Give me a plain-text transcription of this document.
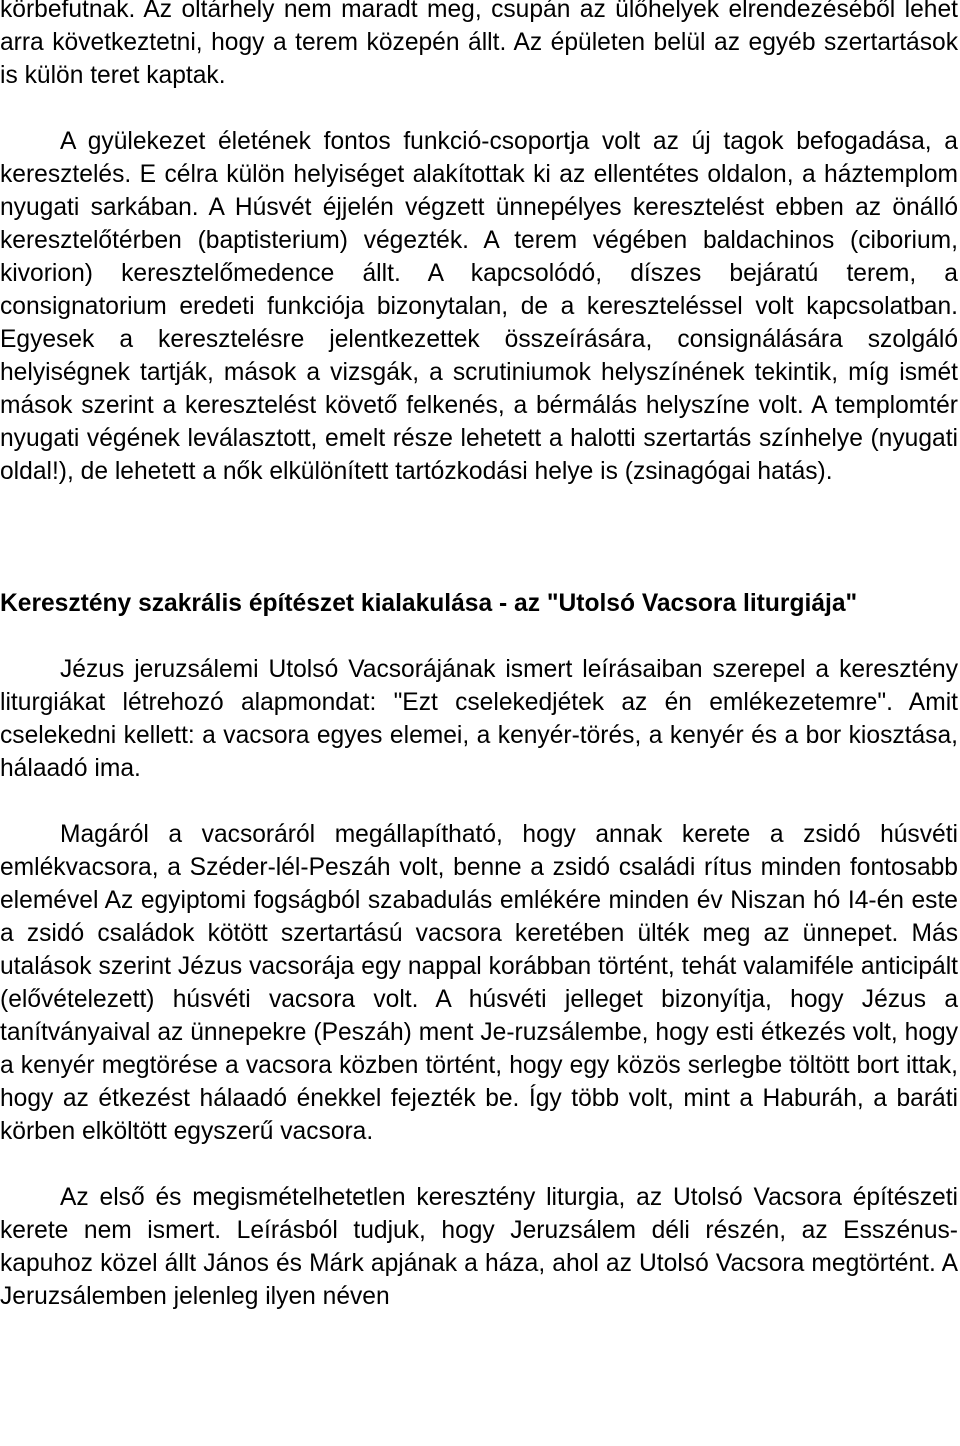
körbefutnak. Az oltárhely nem maradt meg, csupán az ülőhelyek elrendezéséből lehet arra következtetni, hogy a terem közepén állt. Az épületen belül az egyéb szertartások is külön teret kaptak.

A gyülekezet életének fontos funkció-csoportja volt az új tagok befogadása, a keresztelés. E célra külön helyiséget alakítottak ki az ellentétes oldalon, a háztemplom nyugati sarkában. A Húsvét éjjelén végzett ünnepélyes keresztelést ebben az önálló keresztelőtérben (baptisterium) végezték. A terem végében baldachinos (ciborium, kivorion) keresztelőmedence állt. A kapcsolódó, díszes bejáratú terem, a consignatorium eredeti funkciója bizonytalan, de a kereszteléssel volt kapcsolatban. Egyesek a keresztelésre jelentkezettek összeírására, consignálására szolgáló helyiségnek tartják, mások a vizsgák, a scrutiniumok helyszínének tekintik, míg ismét mások szerint a keresztelést követő felkenés, a bérmálás helyszíne volt. A templomtér nyugati végének leválasztott, emelt része lehetett a halotti szertartás színhelye (nyugati oldal!), de lehetett a nők elkülönített tartózkodási helye is (zsinagógai hatás).

Keresztény szakrális építészet kialakulása - az "Utolsó Vacsora liturgiája"

Jézus jeruzsálemi Utolsó Vacsorájának ismert leírásaiban szerepel a keresztény liturgiákat létrehozó alapmondat: "Ezt cselekedjétek az én emlékezetemre". Amit cselekedni kellett: a vacsora egyes elemei, a kenyér-törés, a kenyér és a bor kiosztása, hálaadó ima.

Magáról a vacsoráról megállapítható, hogy annak kerete a zsidó húsvéti emlékvacsora, a Széder-lél-Peszáh volt, benne a zsidó családi rítus minden fontosabb elemével Az egyiptomi fogságból szabadulás emlékére minden év Niszan hó I4-én este a zsidó családok kötött szertartású vacsora keretében ülték meg az ünnepet. Más utalások szerint Jézus vacsorája egy nappal korábban történt, tehát valamiféle anticipált (elővételezett) húsvéti vacsora volt. A húsvéti jelleget bizonyítja, hogy Jézus a tanítványaival az ünnepekre (Peszáh) ment Je-ruzsálembe, hogy esti étkezés volt, hogy a kenyér megtörése a vacsora közben történt, hogy egy közös serlegbe töltött bort ittak, hogy az étkezést hálaadó énekkel fejezték be. Így több volt, mint a Haburáh, a baráti körben elköltött egyszerű vacsora.

Az első és megismételhetetlen keresztény liturgia, az Utolsó Vacsora építészeti kerete nem ismert. Leírásból tudjuk, hogy Jeruzsálem déli részén, az Esszénus-kapuhoz közel állt János és Márk apjának a háza, ahol az Utolsó Vacsora megtörtént. A Jeruzsálemben jelenleg ilyen néven
